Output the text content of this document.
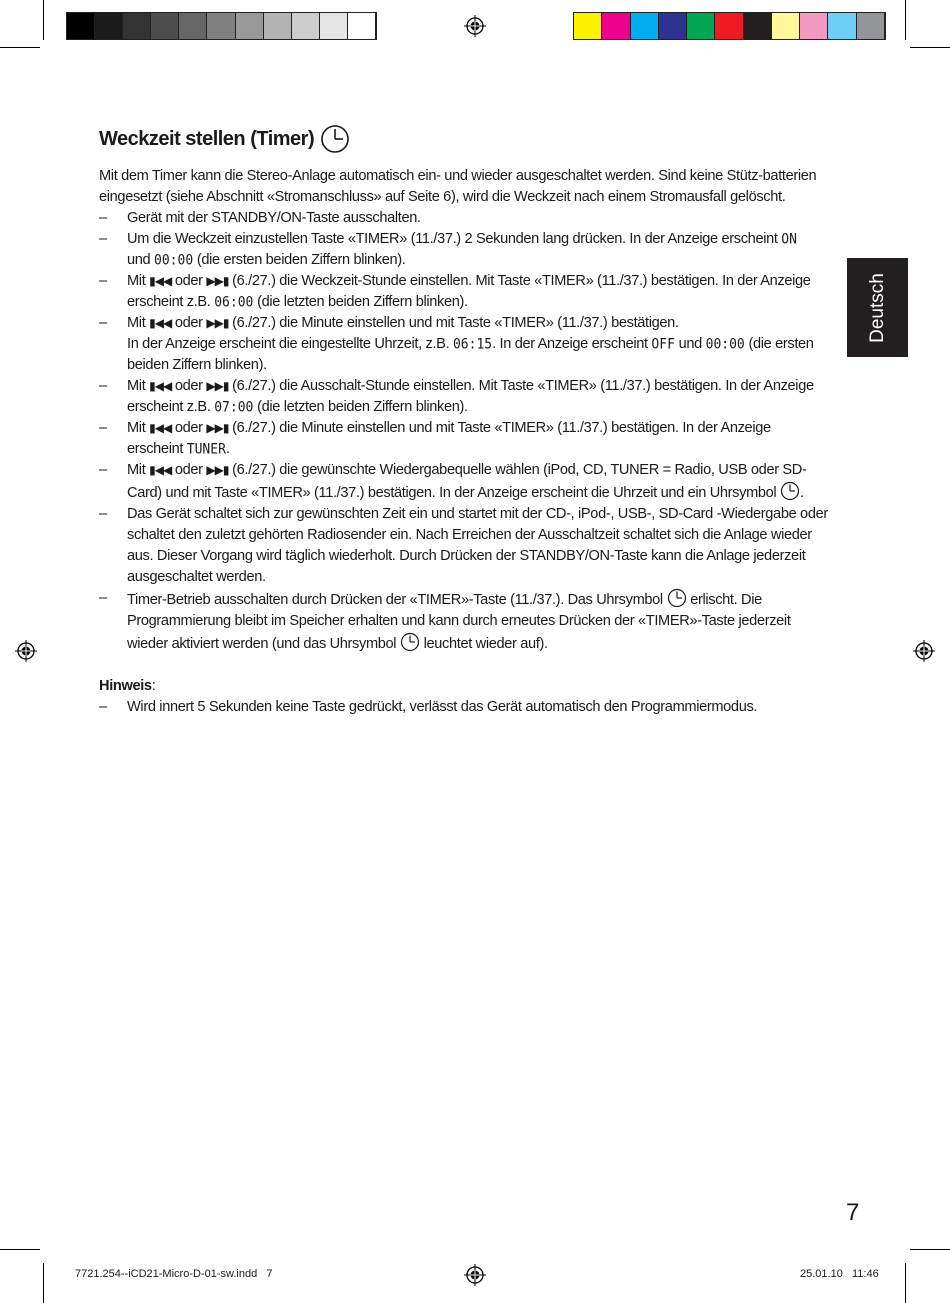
Weckzeit stellen (Timer)

Mit dem Timer kann die Stereo-Anlage automatisch ein- und wieder ausgeschaltet werden. Sind keine Stütz-batterien eingesetzt (siehe Abschnitt «Stromanschluss» auf Seite 6), wird die Weckzeit nach einem Stromausfall gelöscht.

– Gerät mit der STANDBY/ON-Taste ausschalten.
– Um die Weckzeit einzustellen Taste «TIMER» (11./37.) 2 Sekunden lang drücken. In der Anzeige erscheint ON
und 00:00 (die ersten beiden Ziffern blinken).
– Mit ▮◀◀ oder ▶▶▮ (6./27.) die Weckzeit-Stunde einstellen. Mit Taste «TIMER» (11./37.) bestätigen. In der Anzeige erscheint z.B. 06:00 (die letzten beiden Ziffern blinken).
– Mit ▮◀◀ oder ▶▶▮ (6./27.) die Minute einstellen und mit Taste «TIMER» (11./37.) bestätigen.
In der Anzeige erscheint die eingestellte Uhrzeit, z.B. 06:15. In der Anzeige erscheint OFF und 00:00 (die ersten beiden Ziffern blinken).
– Mit ▮◀◀ oder ▶▶▮ (6./27.) die Ausschalt-Stunde einstellen. Mit Taste «TIMER» (11./37.) bestätigen. In der Anzeige erscheint z.B. 07:00 (die letzten beiden Ziffern blinken).
– Mit ▮◀◀ oder ▶▶▮ (6./27.) die Minute einstellen und mit Taste «TIMER» (11./37.) bestätigen. In der Anzeige erscheint TUNER.
– Mit ▮◀◀ oder ▶▶▮ (6./27.) die gewünschte Wiedergabequelle wählen (iPod, CD, TUNER = Radio, USB oder SD-Card) und mit Taste «TIMER» (11./37.) bestätigen. In der Anzeige erscheint die Uhrzeit und ein Uhrsymbol .
– Das Gerät schaltet sich zur gewünschten Zeit ein und startet mit der CD-, iPod-, USB-, SD-Card -Wiedergabe oder schaltet den zuletzt gehörten Radiosender ein. Nach Erreichen der Ausschaltzeit schaltet sich die Anlage wieder aus. Dieser Vorgang wird täglich wiederholt. Durch Drücken der STANDBY/ON-Taste kann die Anlage jederzeit ausgeschaltet werden.
– Timer-Betrieb ausschalten durch Drücken der «TIMER»-Taste (11./37.). Das Uhrsymbol  erlischt. Die Programmierung bleibt im Speicher erhalten und kann durch erneutes Drücken der «TIMER»-Taste jederzeit wieder aktiviert werden (und das Uhrsymbol  leuchtet wieder auf).
Hinweis:
– Wird innert 5 Sekunden keine Taste gedrückt, verlässt das Gerät automatisch den Programmiermodus.
Deutsch
7
7721.254--iCD21-Micro-D-01-sw.indd   7	25.01.10   11:46
